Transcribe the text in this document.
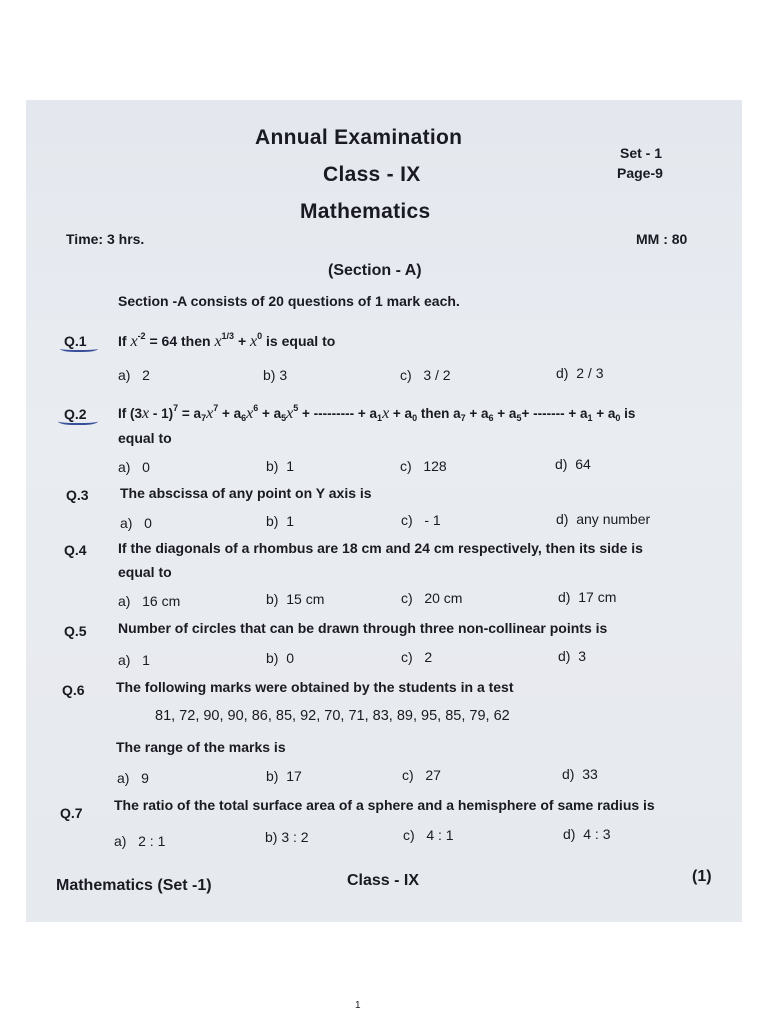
Annual Examination
Class - IX
Mathematics
Set - 1
Page-9
Time: 3 hrs.	MM : 80
(Section - A)
Section -A consists of 20 questions of 1 mark each.
Q.1 If $x^{-2} = 64$ then $x^{1/3} + x^0$ is equal to
a) 2	b) 3	c) 3 / 2	d) 2 / 3
Q.2 If $(3x - 1)^7 = a_7x^7 + a_6x^6 + a_5x^5$ + --------- + $a_1x + a_0$ then $a_7 + a_6 + a_5+$ ------- + $a_1 + a_0$ is
equal to
a) 0	b) 1	c) 128	d) 64
Q.3 The abscissa of any point on Y axis is
a) 0	b) 1	c) - 1	d) any number
Q.4 If the diagonals of a rhombus are 18 cm and 24 cm respectively, then its side is
equal to
a) 16 cm	b) 15 cm	c) 20 cm	d) 17 cm
Q.5 Number of circles that can be drawn through three non-collinear points is
a) 1	b) 0	c) 2	d) 3
Q.6 The following marks were obtained by the students in a test
81, 72, 90, 90, 86, 85, 92, 70, 71, 83, 89, 95, 85, 79, 62
The range of the marks is
a) 9	b) 17	c) 27	d) 33
Q.7 The ratio of the total surface area of a sphere and a hemisphere of same radius is
a) 2 : 1	b) 3 : 2	c) 4 : 1	d) 4 : 3
Mathematics (Set -1)	Class - IX	(1)
1
